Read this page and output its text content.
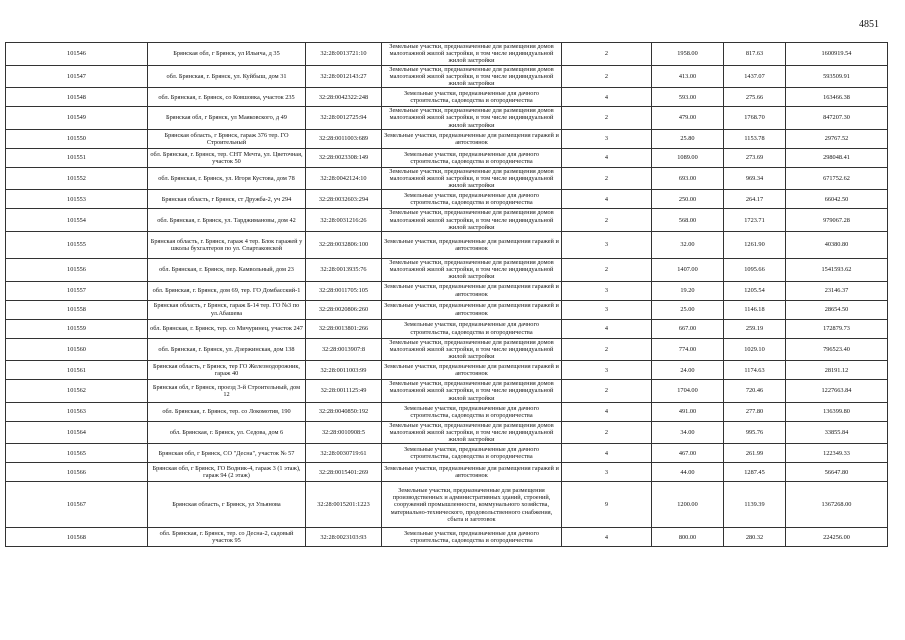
4851
101546	Брянская обл, г Брянск, ул Ильича, д 35	32:28:0013721:10	Земельные участки, предназначенные для размещения домов малоэтажной жилой застройки, в том числе индивидуальной жилой застройки	2	1958.00	817.63	1600919.54
101547	обл. Брянская, г. Брянск, ул. Куйбыш, дом 31	32:28:0012143:27	Земельные участки, предназначенные для размещения домов малоэтажной жилой застройки, в том числе индивидуальной жилой застройки	2	413.00	1437.07	593509.91
101548	обл. Брянская, г. Брянск, со Ковшовка, участок 235	32:28:0042322:248	Земельные участки, предназначенные для дачного строительства, садоводства и огородничества	4	593.00	275.66	163466.38
101549	Брянская обл, г Брянск, ул Маяковского, д 49	32:28:0012725:94	Земельные участки, предназначенные для размещения домов малоэтажной жилой застройки, в том числе индивидуальной жилой застройки	2	479.00	1768.70	847207.30
101550	Брянская область, г Брянск, гараж 376 тер. ГО Строительный	32:28:0011003:689	Земельные участки, предназначенные для размещения гаражей и автостоянок	3	25.80	1153.78	29767.52
101551	обл. Брянская, г. Брянск, тер. СНТ Мечта, ул. Цветочная, участок 50	32:28:0023308:149	Земельные участки, предназначенные для дачного строительства, садоводства и огородничества	4	1089.00	273.69	298048.41
101552	обл. Брянская, г. Брянск, ул. Игоря Кустова, дом 78	32:28:0042124:10	Земельные участки, предназначенные для размещения домов малоэтажной жилой застройки, в том числе индивидуальной жилой застройки	2	693.00	969.34	671752.62
101553	Брянская область, г Брянск, ст Дружба-2, уч 294	32:28:0032603:294	Земельные участки, предназначенные для дачного строительства, садоводства и огородничества	4	250.00	264.17	66042.50
101554	обл. Брянская, г. Брянск, ул. Тарджимановы, дом 42	32:28:0031216:26	Земельные участки, предназначенные для размещения домов малоэтажной жилой застройки, в том числе индивидуальной жилой застройки	2	568.00	1723.71	979067.28
101555	Брянская область, г. Брянск, гараж 4 тер. Блок гаражей у школы бухгалтеров по ул. Спартаковской	32:28:0032806:100	Земельные участки, предназначенные для размещения гаражей и автостоянок	3	32.00	1261.90	40380.80
101556	обл. Брянская, г. Брянск, пер. Камвольный, дом 23	32:28:0013935:76	Земельные участки, предназначенные для размещения домов малоэтажной жилой застройки, в том числе индивидуальной жилой застройки	2	1407.00	1095.66	1541593.62
101557	обл. Брянская, г. Брянск, дом 69, тер. ГО Домбасский-1	32:28:0011705:105	Земельные участки, предназначенные для размещения гаражей и автостоянок	3	19.20	1205.54	23146.37
101558	Брянская область, г Брянск, гараж Б-14 тер. ГО №3 по ул.Абашева	32:28:0020806:260	Земельные участки, предназначенные для размещения гаражей и автостоянок	3	25.00	1146.18	28654.50
101559	обл. Брянская, г. Брянск, тер. со Мичуринец, участок 247	32:28:0013801:266	Земельные участки, предназначенные для дачного строительства, садоводства и огородничества	4	667.00	259.19	172879.73
101560	обл. Брянская, г. Брянск, ул. Дзержинская, дом 138	32:28:0013907:8	Земельные участки, предназначенные для размещения домов малоэтажной жилой застройки, в том числе индивидуальной жилой застройки	2	774.00	1029.10	796523.40
101561	Брянская область, г Брянск, тер ГО Железнодорожник, гараж 40	32:28:0011003:99	Земельные участки, предназначенные для размещения гаражей и автостоянок	3	24.00	1174.63	28191.12
101562	Брянская обл, г Брянск, проезд 3-й Строительный, дом 12	32:28:0011125:49	Земельные участки, предназначенные для размещения домов малоэтажной жилой застройки, в том числе индивидуальной жилой застройки	2	1704.00	720.46	1227663.84
101563	обл. Брянская, г. Брянск, тер. со Локомотив, 190	32:28:0040850:192	Земельные участки, предназначенные для дачного строительства, садоводства и огородничества	4	491.00	277.80	136399.80
101564	обл. Брянская, г. Брянск, ул. Седова, дом 6	32:28:0010908:5	Земельные участки, предназначенные для размещения домов малоэтажной жилой застройки, в том числе индивидуальной жилой застройки	2	34.00	995.76	33855.84
101565	Брянская обл, г Брянск, СО "Десна", участок № 57	32:28:0030719:61	Земельные участки, предназначенные для дачного строительства, садоводства и огородничества	4	467.00	261.99	122349.33
101566	Брянская обл, г Брянск, ГО Водник-4, гараж 3 (1 этаж), гараж 94 (2 этаж)	32:28:0015401:269	Земельные участки, предназначенные для размещения гаражей и автостоянок	3	44.00	1287.45	56647.80
101567	Брянская область, г Брянск, ул Ульянова	32:28:0015201:1223	Земельные участки, предназначенные для размещения производственных и административных зданий, строений, сооружений промышленности, коммунального хозяйства, материально-технического, продовольственного снабжения, сбыта и заготовок	9	1200.00	1139.39	1367268.00
101568	обл. Брянская, г. Брянск, тер. со Десна-2, садовый участок 95	32:28:0023103:93	Земельные участки, предназначенные для дачного строительства, садоводства и огородничества	4	800.00	280.32	224256.00
